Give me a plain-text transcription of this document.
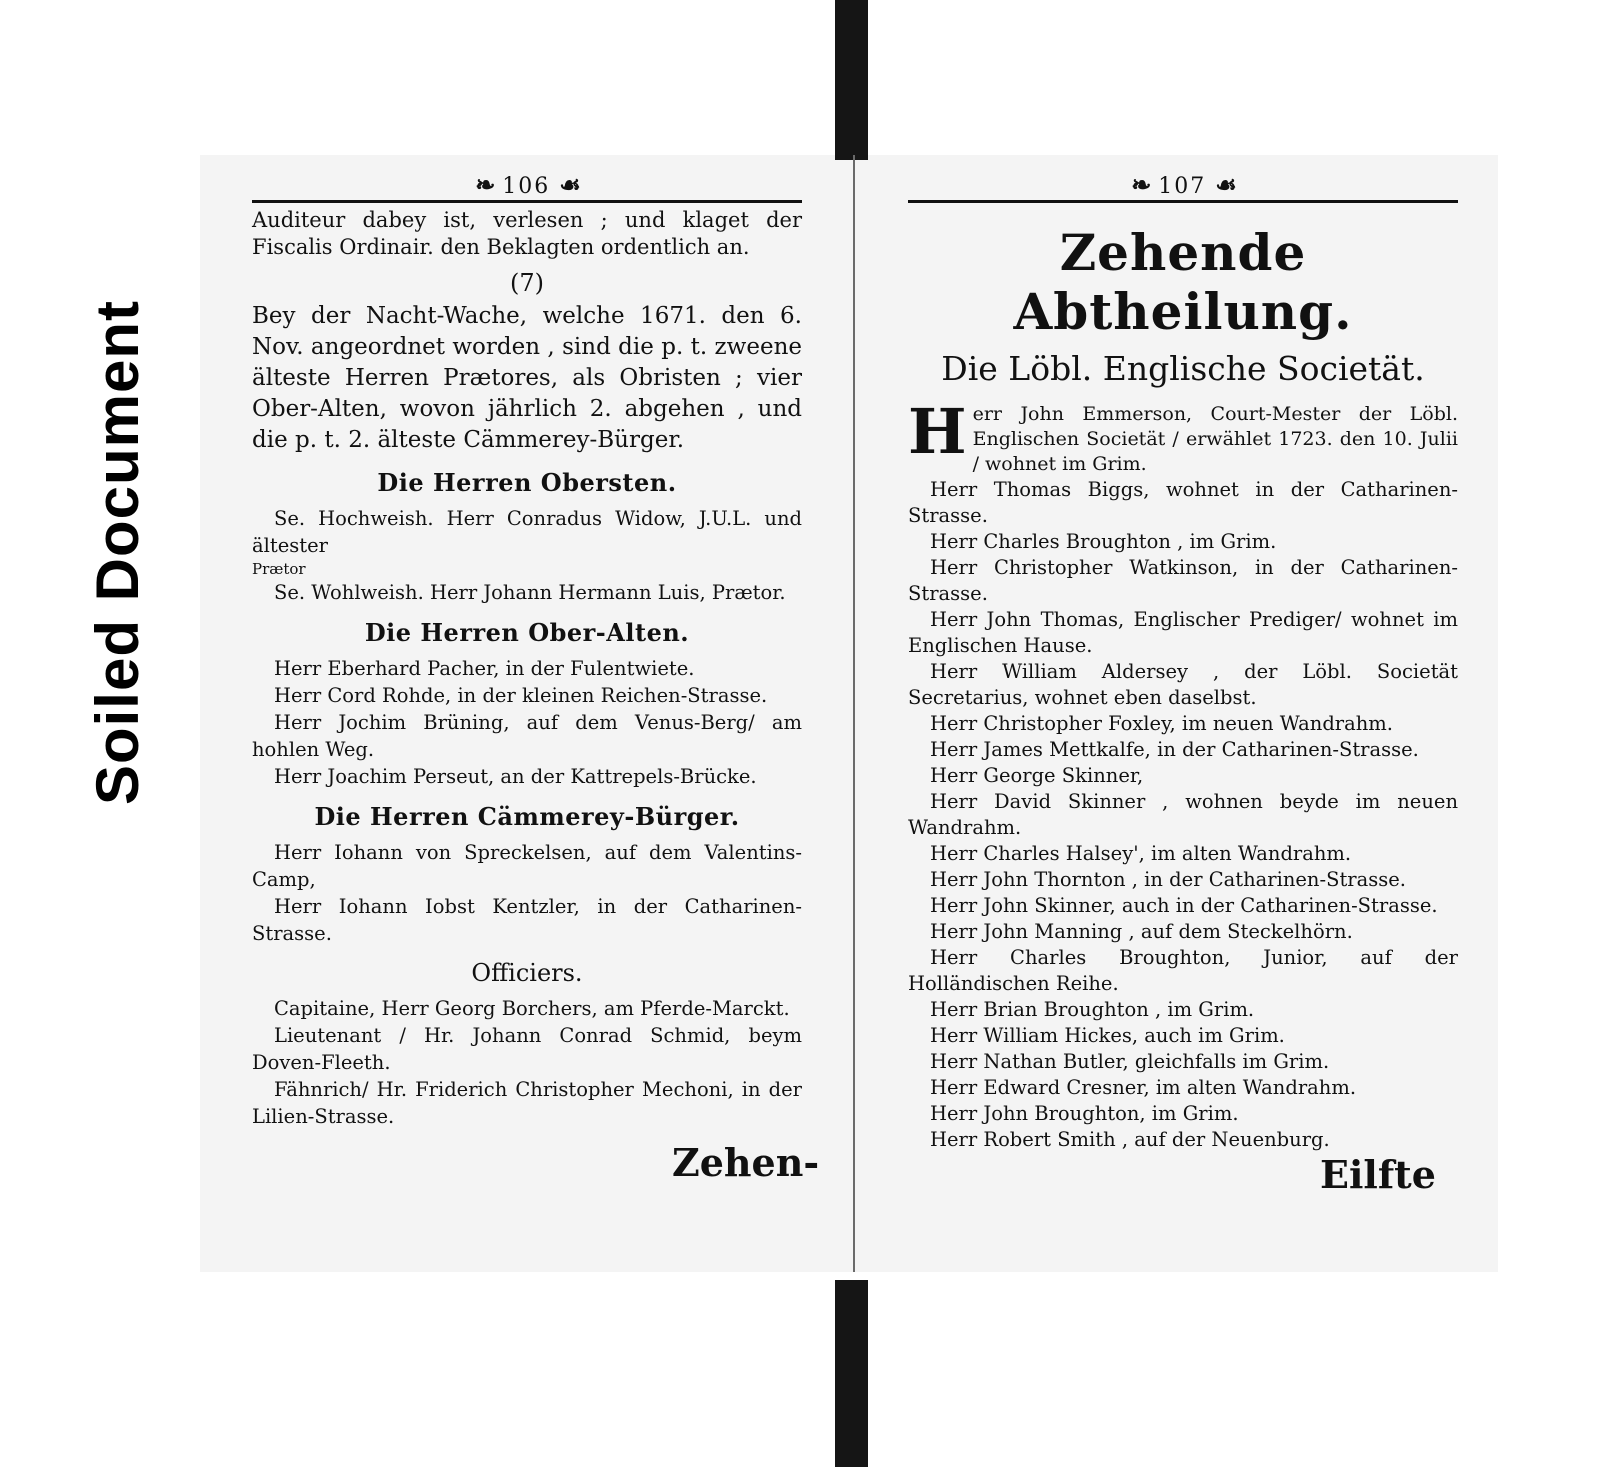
Soiled Document
❧ 106 ☙

Auditeur dabey ist, verlesen ; und klaget der Fiscalis Ordinair. den Beklagten ordentlich an.

(7)

Bey der Nacht-Wache, welche 1671. den 6. Nov. angeordnet worden , sind die p. t. zweene älteste Herren Prætores, als Obristen ; vier Ober-Alten, wovon jährlich 2. abgehen , und die p. t. 2. älteste Cämmerey-Bürger.

Die Herren Obersten.

Se. Hochweish. Herr Conradus Widow, J.U.L. und ältester

Prætor

Se. Wohlweish. Herr Johann Hermann Luis, Prætor.

Die Herren Ober-Alten.

Herr Eberhard Pacher, in der Fulentwiete.

Herr Cord Rohde, in der kleinen Reichen-Strasse.

Herr Jochim Brüning, auf dem Venus-Berg/ am hohlen Weg.

Herr Joachim Perseut, an der Kattrepels-Brücke.

Die Herren Cämmerey-Bürger.

Herr Iohann von Spreckelsen, auf dem Valentins-Camp,

Herr Iohann Iobst Kentzler, in der Catharinen-Strasse.

Officiers.

Capitaine, Herr Georg Borchers, am Pferde-Marckt.

Lieutenant / Hr. Johann Conrad Schmid, beym Doven-Fleeth.

Fähnrich/ Hr. Friderich Christopher Mechoni, in der Lilien-Strasse.

Zehen-
❧ 107 ☙
Zehende Abtheilung.
Die Löbl. Englische Societät.

H err John Emmerson, Court-Mester der Löbl. Englischen Societät / erwählet 1723. den 10. Julii / wohnet im Grim.

Herr Thomas Biggs, wohnet in der Catharinen-Strasse.

Herr Charles Broughton , im Grim.

Herr Christopher Watkinson, in der Catharinen-Strasse.

Herr John Thomas, Englischer Prediger/ wohnet im Englischen Hause.

Herr William Aldersey , der Löbl. Societät Secretarius, wohnet eben daselbst.

Herr Christopher Foxley, im neuen Wandrahm.

Herr James Mettkalfe, in der Catharinen-Strasse.

Herr George Skinner,

Herr David Skinner , wohnen beyde im neuen Wandrahm.

Herr Charles Halsey', im alten Wandrahm.

Herr John Thornton , in der Catharinen-Strasse.

Herr John Skinner, auch in der Catharinen-Strasse.

Herr John Manning , auf dem Steckelhörn.

Herr Charles Broughton, Junior, auf der Holländischen Reihe.

Herr Brian Broughton , im Grim.

Herr William Hickes, auch im Grim.

Herr Nathan Butler, gleichfalls im Grim.

Herr Edward Cresner, im alten Wandrahm.

Herr John Broughton, im Grim.

Herr Robert Smith , auf der Neuenburg.

Eilfte
